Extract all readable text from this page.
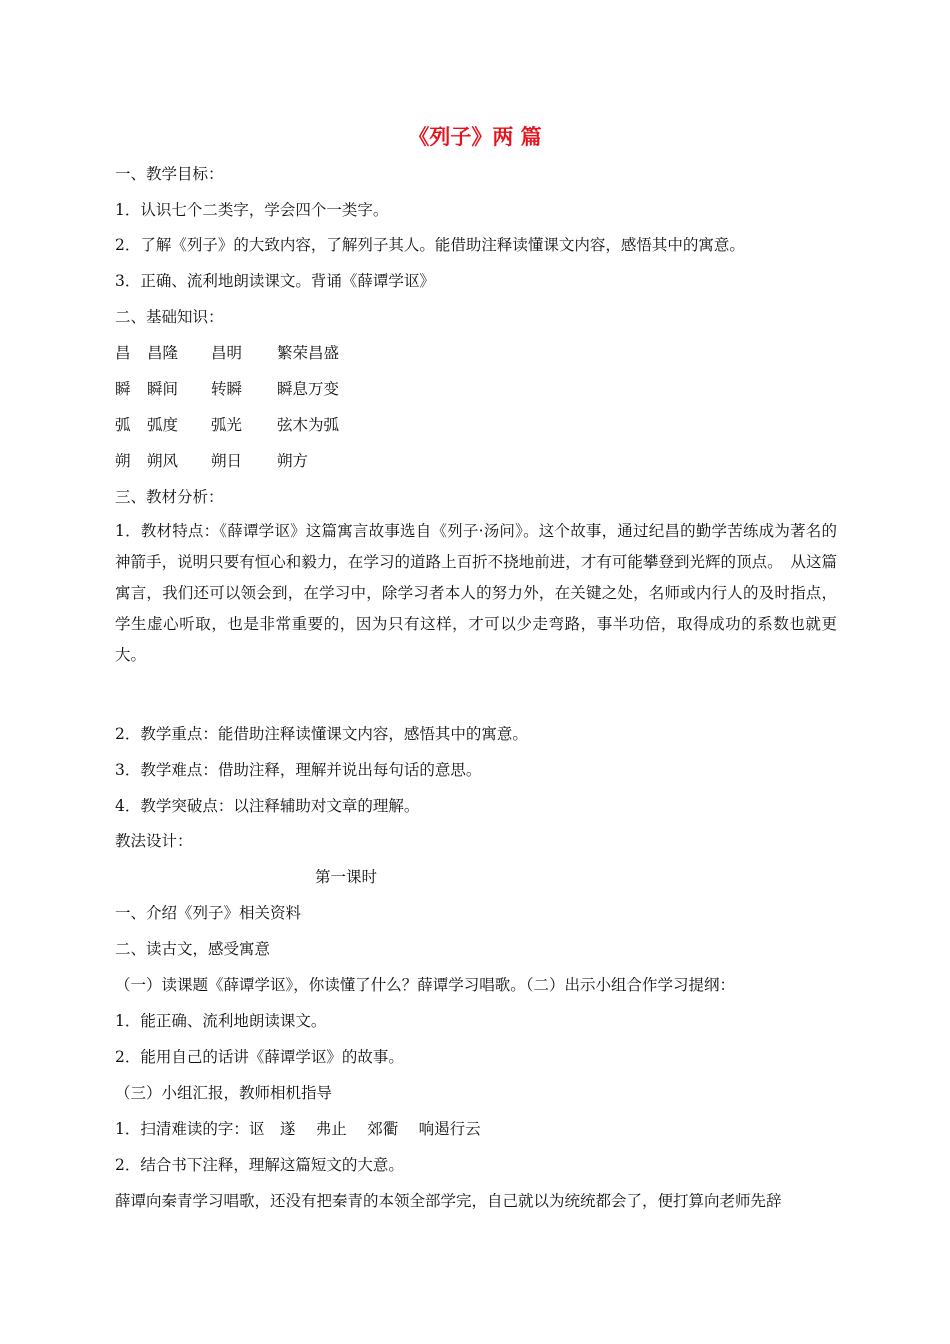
《列子》两 篇
一、教学目标：
1．认识七个二类字，学会四个一类字。
2．了解《列子》的大致内容，了解列子其人。能借助注释读懂课文内容，感悟其中的寓意。
3．正确、流利地朗读课文。背诵《薛谭学讴》
二、基础知识：
昌 昌隆 昌明 繁荣昌盛
瞬 瞬间 转瞬 瞬息万变
弧 弧度 弧光 弦木为弧
朔 朔风 朔日 朔方
三、教材分析：
1．教材特点：《薛谭学讴》这篇寓言故事选自《列子·汤问》。这个故事，通过纪昌的勤学苦练成为著名的神箭手，说明只要有恒心和毅力，在学习的道路上百折不挠地前进，才有可能攀登到光辉的顶点。　从这篇寓言，我们还可以领会到，在学习中，除学习者本人的努力外，在关键之处，名师或内行人的及时指点，学生虚心听取，也是非常重要的，因为只有这样，才可以少走弯路，事半功倍，取得成功的系数也就更大。
2．教学重点：能借助注释读懂课文内容，感悟其中的寓意。
3．教学难点：借助注释，理解并说出每句话的意思。
4．教学突破点：以注释辅助对文章的理解。
教法设计：
第一课时
一、介绍《列子》相关资料
二、读古文，感受寓意
（一）读课题《薛谭学讴》，你读懂了什么？薛谭学习唱歌。（二）出示小组合作学习提纲：
1．能正确、流利地朗读课文。
2．能用自己的话讲《薛谭学讴》的故事。
（三）小组汇报，教师相机指导
1．扫清难读的字：讴　遂　 弗止　 郊衢　 响遏行云
2．结合书下注释，理解这篇短文的大意。
薛谭向秦青学习唱歌，还没有把秦青的本领全部学完，自己就以为统统都会了，便打算向老师先辞
